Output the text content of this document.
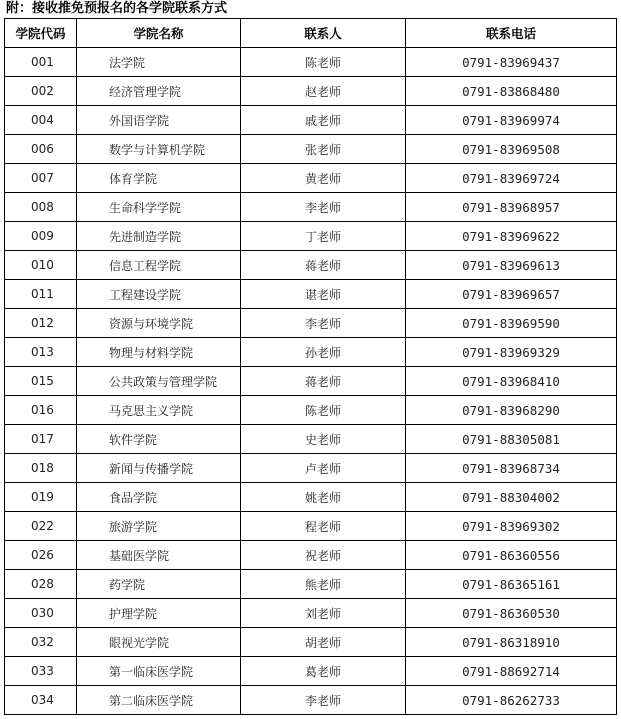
附：接收推免预报名的各学院联系方式
学院代码	学院名称	联系人	联系电话
001	法学院	陈老师	0791-83969437
002	经济管理学院	赵老师	0791-83868480
004	外国语学院	戚老师	0791-83969974
006	数学与计算机学院	张老师	0791-83969508
007	体育学院	黄老师	0791-83969724
008	生命科学学院	李老师	0791-83968957
009	先进制造学院	丁老师	0791-83969622
010	信息工程学院	蒋老师	0791-83969613
011	工程建设学院	谌老师	0791-83969657
012	资源与环境学院	李老师	0791-83969590
013	物理与材料学院	孙老师	0791-83969329
015	公共政策与管理学院	蒋老师	0791-83968410
016	马克思主义学院	陈老师	0791-83968290
017	软件学院	史老师	0791-88305081
018	新闻与传播学院	卢老师	0791-83968734
019	食品学院	姚老师	0791-88304002
022	旅游学院	程老师	0791-83969302
026	基础医学院	祝老师	0791-86360556
028	药学院	熊老师	0791-86365161
030	护理学院	刘老师	0791-86360530
032	眼视光学院	胡老师	0791-86318910
033	第一临床医学院	葛老师	0791-88692714
034	第二临床医学院	李老师	0791-86262733
